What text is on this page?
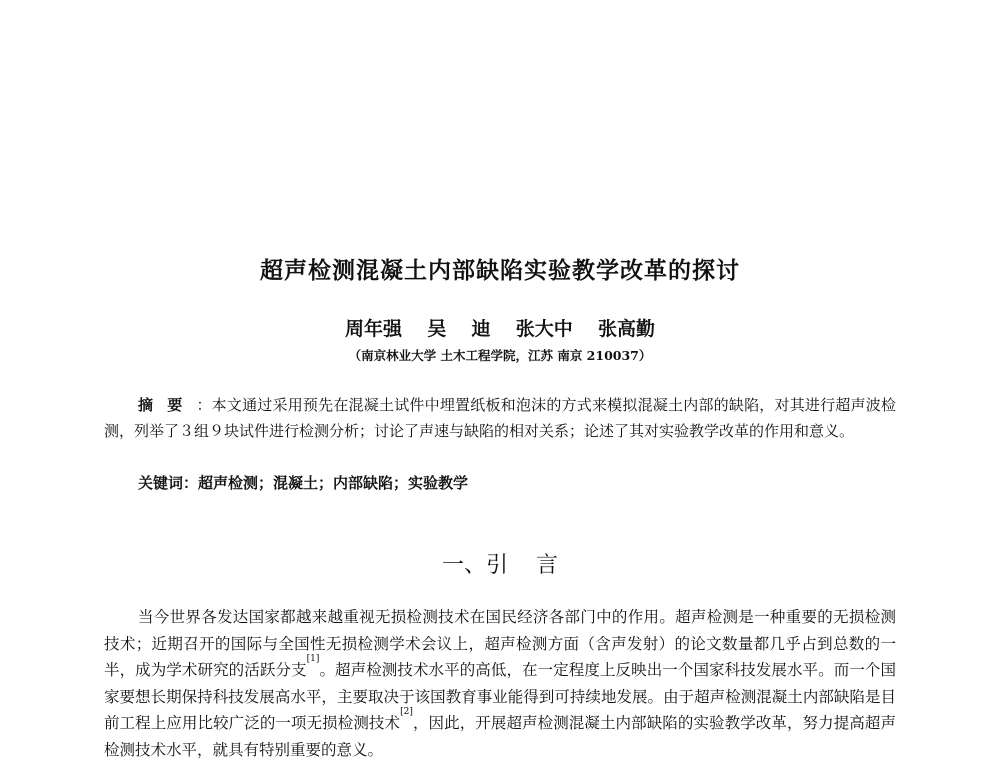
超声检测混凝土内部缺陷实验教学改革的探讨
周年强  吴  迪  张大中  张高勤
（南京林业大学 土木工程学院，江苏 南京 210037）
摘要：本文通过采用预先在混凝土试件中埋置纸板和泡沫的方式来模拟混凝土内部的缺陷，对其进行超声波检测，列举了３组９块试件进行检测分析；讨论了声速与缺陷的相对关系；论述了其对实验教学改革的作用和意义。
关键词：超声检测；混凝土；内部缺陷；实验教学
一、引    言
当今世界各发达国家都越来越重视无损检测技术在国民经济各部门中的作用。超声检测是一种重要的无损检测技术；近期召开的国际与全国性无损检测学术会议上，超声检测方面（含声发射）的论文数量都几乎占到总数的一半，成为学术研究的活跃分支[1]。超声检测技术水平的高低，在一定程度上反映出一个国家科技发展水平。而一个国家要想长期保持科技发展高水平，主要取决于该国教育事业能得到可持续地发展。由于超声检测混凝土内部缺陷是目前工程上应用比较广泛的一项无损检测技术[2]，因此，开展超声检测混凝土内部缺陷的实验教学改革，努力提高超声检测技术水平，就具有特别重要的意义。
